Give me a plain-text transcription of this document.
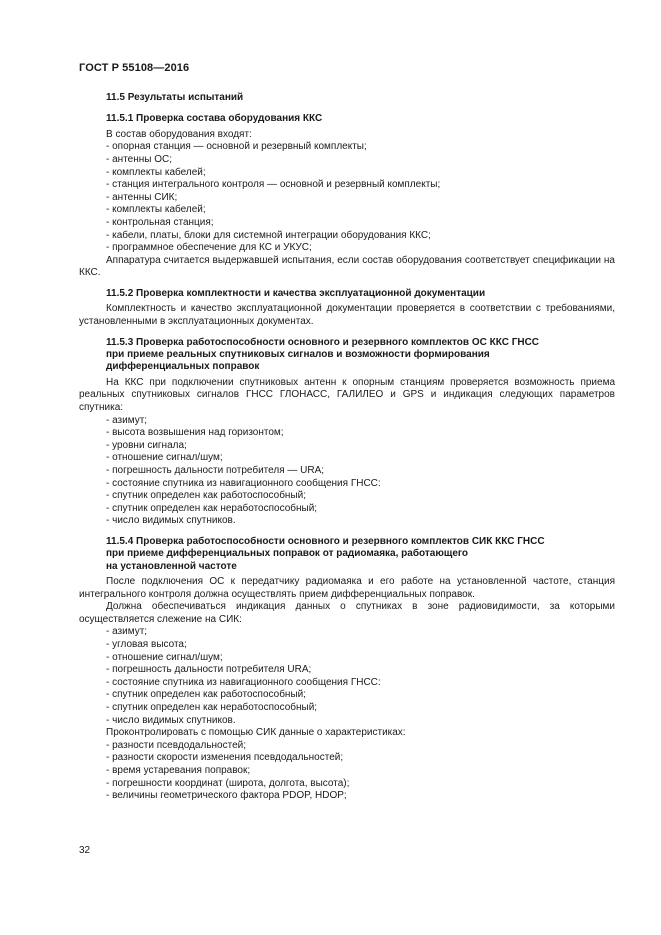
ГОСТ Р 55108—2016
11.5 Результаты испытаний
11.5.1 Проверка состава оборудования ККС
В состав оборудования входят:
- опорная станция — основной и резервный комплекты;
- антенны ОС;
- комплекты кабелей;
- станция интегрального контроля — основной и резервный комплекты;
- антенны СИК;
- комплекты кабелей;
- контрольная станция;
- кабели, платы, блоки для системной интеграции оборудования ККС;
- программное обеспечение для КС и УКУС;
Аппаратура считается выдержавшей испытания, если состав оборудования соответствует спецификации на ККС.
11.5.2 Проверка комплектности и качества эксплуатационной документации
Комплектность и качество эксплуатационной документации проверяется в соответствии с требованиями, установленными в эксплуатационных документах.
11.5.3 Проверка работоспособности основного и резервного комплектов ОС ККС ГНСС
при приеме реальных спутниковых сигналов и возможности формирования
дифференциальных поправок
На ККС при подключении спутниковых антенн к опорным станциям проверяется возможность приема реальных спутниковых сигналов ГНСС ГЛОНАСС, ГАЛИЛЕО и GPS и индикация следующих параметров спутника:
- азимут;
- высота возвышения над горизонтом;
- уровни сигнала;
- отношение сигнал/шум;
- погрешность дальности потребителя — URA;
- состояние спутника из навигационного сообщения ГНСС:
- спутник определен как работоспособный;
- спутник определен как неработоспособный;
- число видимых спутников.
11.5.4 Проверка работоспособности основного и резервного комплектов СИК ККС ГНСС
при приеме дифференциальных поправок от радиомаяка, работающего
на установленной частоте
После подключения ОС к передатчику радиомаяка и его работе на установленной частоте, станция интегрального контроля должна осуществлять прием дифференциальных поправок.
Должна обеспечиваться индикация данных о спутниках в зоне радиовидимости, за которыми осуществляется слежение на СИК:
- азимут;
- угловая высота;
- отношение сигнал/шум;
- погрешность дальности потребителя URA;
- состояние спутника из навигационного сообщения ГНСС:
- спутник определен как работоспособный;
- спутник определен как неработоспособный;
- число видимых спутников.
Проконтролировать с помощью СИК данные о характеристиках:
- разности псевдодальностей;
- разности скорости изменения псевдодальностей;
- время устаревания поправок;
- погрешности координат (широта, долгота, высота);
- величины геометрического фактора PDOP, HDOP;
32
